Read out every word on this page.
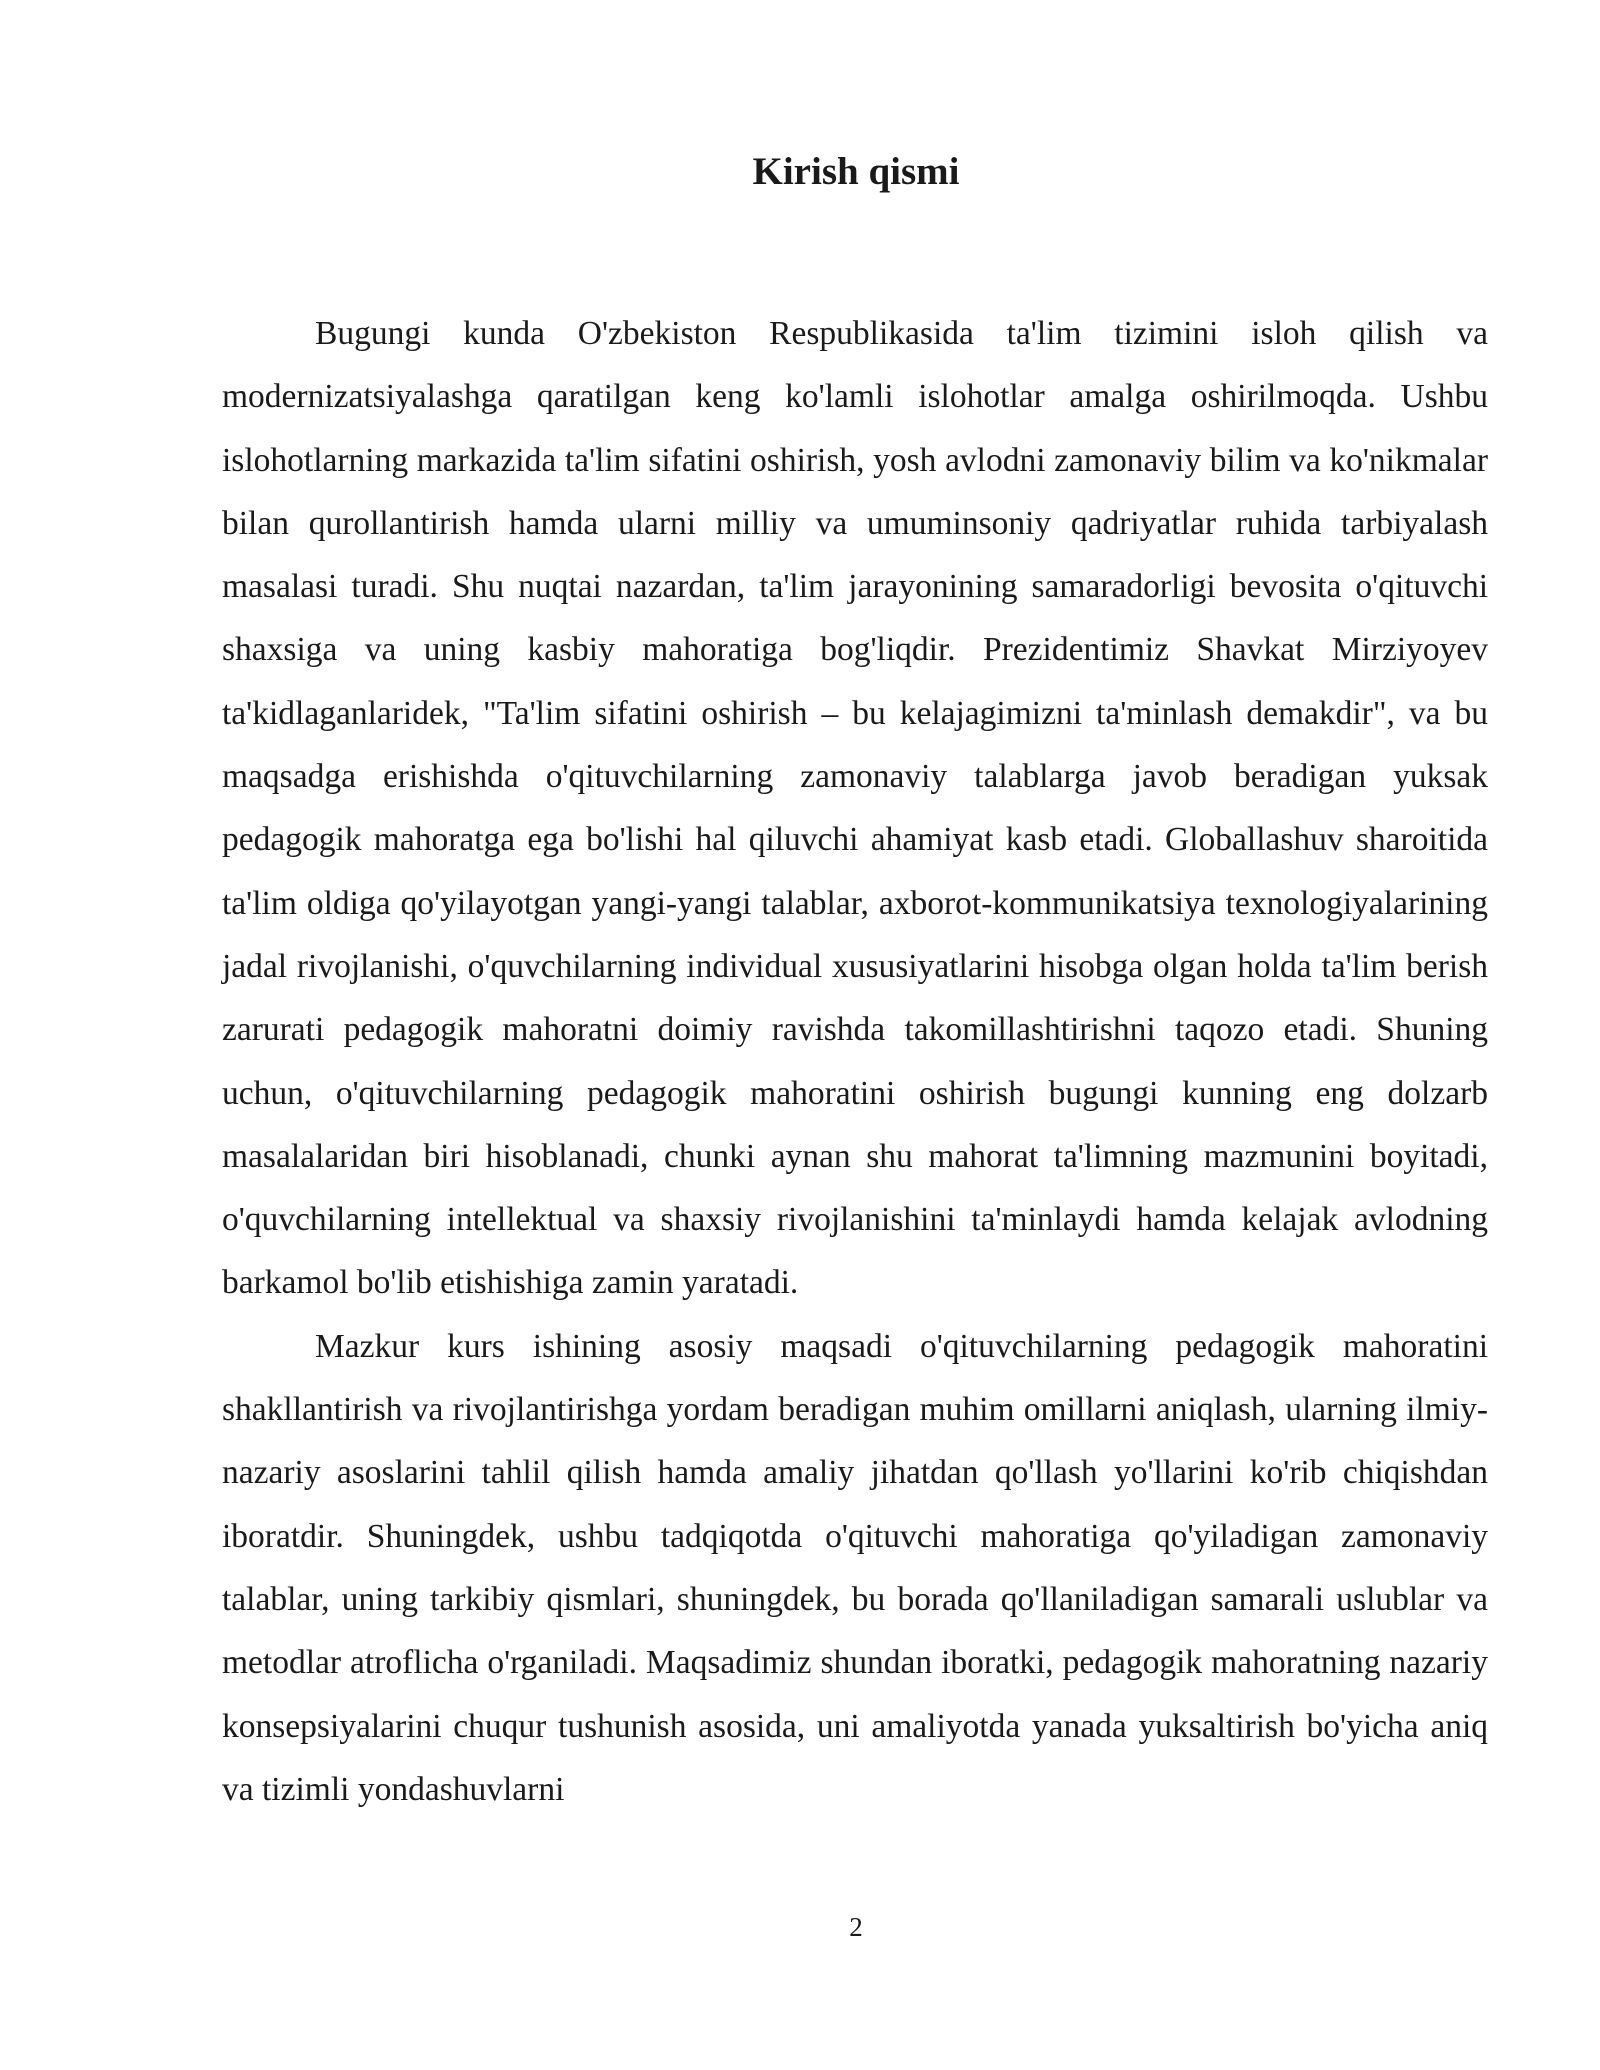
Kirish qismi

Bugungi kunda O'zbekiston Respublikasida ta'lim tizimini isloh qilish va modernizatsiyalashga qaratilgan keng ko'lamli islohotlar amalga oshirilmoqda. Ushbu islohotlarning markazida ta'lim sifatini oshirish, yosh avlodni zamonaviy bilim va ko'nikmalar bilan qurollantirish hamda ularni milliy va umuminsoniy qadriyatlar ruhida tarbiyalash masalasi turadi. Shu nuqtai nazardan, ta'lim jarayonining samaradorligi bevosita o'qituvchi shaxsiga va uning kasbiy mahoratiga bog'liqdir. Prezidentimiz Shavkat Mirziyoyev ta'kidlaganlaridek, "Ta'lim sifatini oshirish – bu kelajagimizni ta'minlash demakdir", va bu maqsadga erishishda o'qituvchilarning zamonaviy talablarga javob beradigan yuksak pedagogik mahoratga ega bo'lishi hal qiluvchi ahamiyat kasb etadi. Globallashuv sharoitida ta'lim oldiga qo'yilayotgan yangi-yangi talablar, axborot-kommunikatsiya texnologiyalarining jadal rivojlanishi, o'quvchilarning individual xususiyatlarini hisobga olgan holda ta'lim berish zarurati pedagogik mahoratni doimiy ravishda takomillashtirishni taqozo etadi. Shuning uchun, o'qituvchilarning pedagogik mahoratini oshirish bugungi kunning eng dolzarb masalalaridan biri hisoblanadi, chunki aynan shu mahorat ta'limning mazmunini boyitadi, o'quvchilarning intellektual va shaxsiy rivojlanishini ta'minlaydi hamda kelajak avlodning barkamol bo'lib etishishiga zamin yaratadi.

Mazkur kurs ishining asosiy maqsadi o'qituvchilarning pedagogik mahoratini shakllantirish va rivojlantirishga yordam beradigan muhim omillarni aniqlash, ularning ilmiy-nazariy asoslarini tahlil qilish hamda amaliy jihatdan qo'llash yo'llarini ko'rib chiqishdan iboratdir. Shuningdek, ushbu tadqiqotda o'qituvchi mahoratiga qo'yiladigan zamonaviy talablar, uning tarkibiy qismlari, shuningdek, bu borada qo'llaniladigan samarali uslublar va metodlar atroflicha o'rganiladi. Maqsadimiz shundan iboratki, pedagogik mahoratning nazariy konsepsiyalarini chuqur tushunish asosida, uni amaliyotda yanada yuksaltirish bo'yicha aniq va tizimli yondashuvlarni

2
